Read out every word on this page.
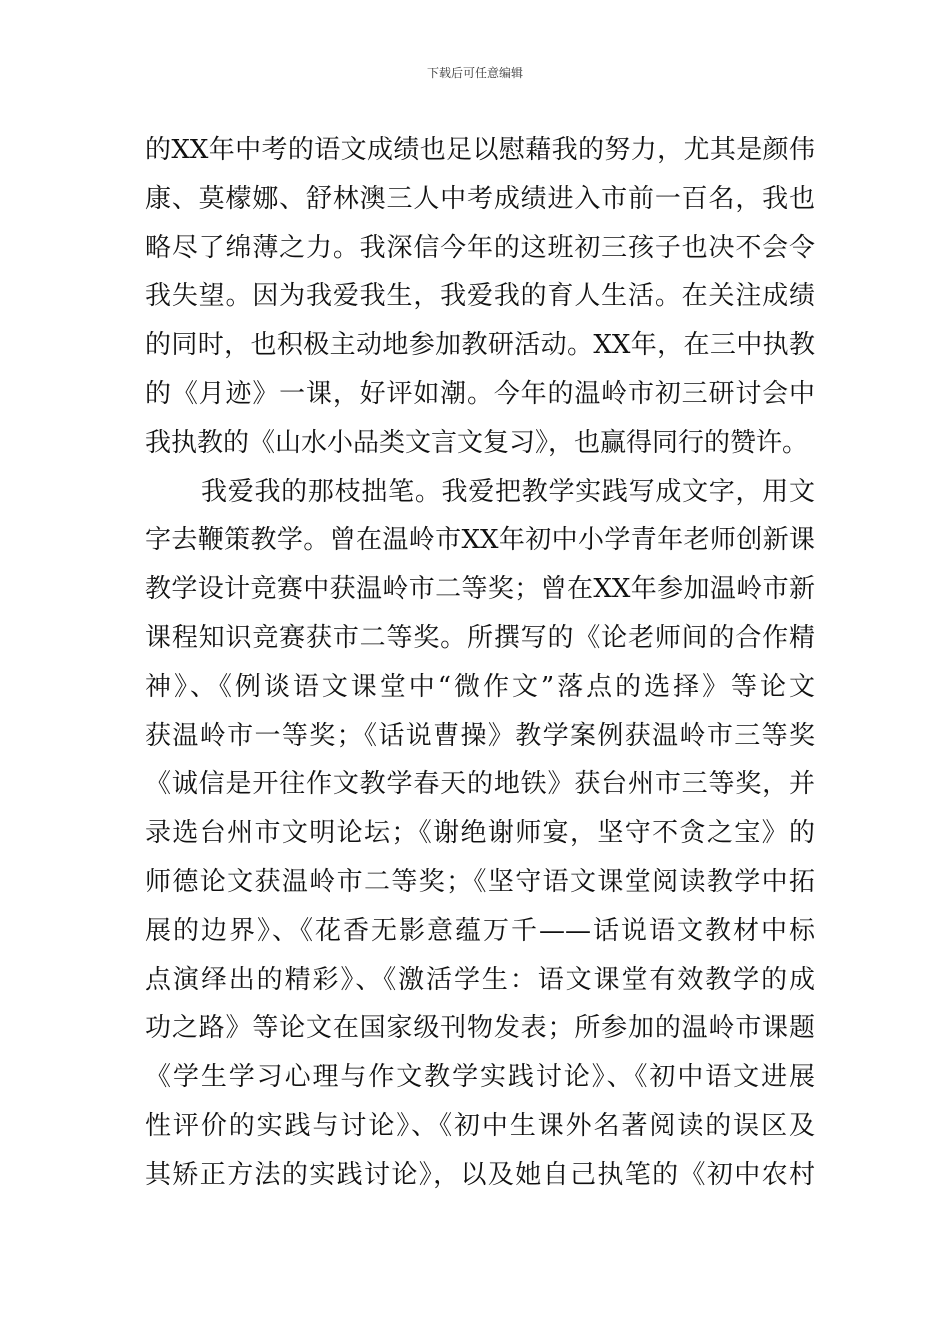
下载后可任意编辑
的XX年中考的语文成绩也足以慰藉我的努力，尤其是颜伟
康、莫檬娜、舒林澳三人中考成绩进入市前一百名，我也
略尽了绵薄之力。我深信今年的这班初三孩子也决不会令
我失望。因为我爱我生，我爱我的育人生活。在关注成绩
的同时，也积极主动地参加教研活动。XX年，在三中执教
的《月迹》一课，好评如潮。今年的温岭市初三研讨会中
我执教的《山水小品类文言文复习》，也赢得同行的赞许。
我爱我的那枝拙笔。我爱把教学实践写成文字，用文
字去鞭策教学。曾在温岭市XX年初中小学青年老师创新课
教学设计竞赛中获温岭市二等奖；曾在XX年参加温岭市新
课程知识竞赛获市二等奖。所撰写的《论老师间的合作精
神》、《例谈语文课堂中“微作文”落点的选择》等论文
获温岭市一等奖；《话说曹操》教学案例获温岭市三等奖
《诚信是开往作文教学春天的地铁》获台州市三等奖，并
录选台州市文明论坛；《谢绝谢师宴，坚守不贪之宝》的
师德论文获温岭市二等奖；《坚守语文课堂阅读教学中拓
展的边界》、《花香无影意蕴万千——话说语文教材中标
点演绎出的精彩》、《激活学生：语文课堂有效教学的成
功之路》等论文在国家级刊物发表；所参加的温岭市课题
《学生学习心理与作文教学实践讨论》、《初中语文进展
性评价的实践与讨论》、《初中生课外名著阅读的误区及
其矫正方法的实践讨论》，以及她自己执笔的《初中农村
